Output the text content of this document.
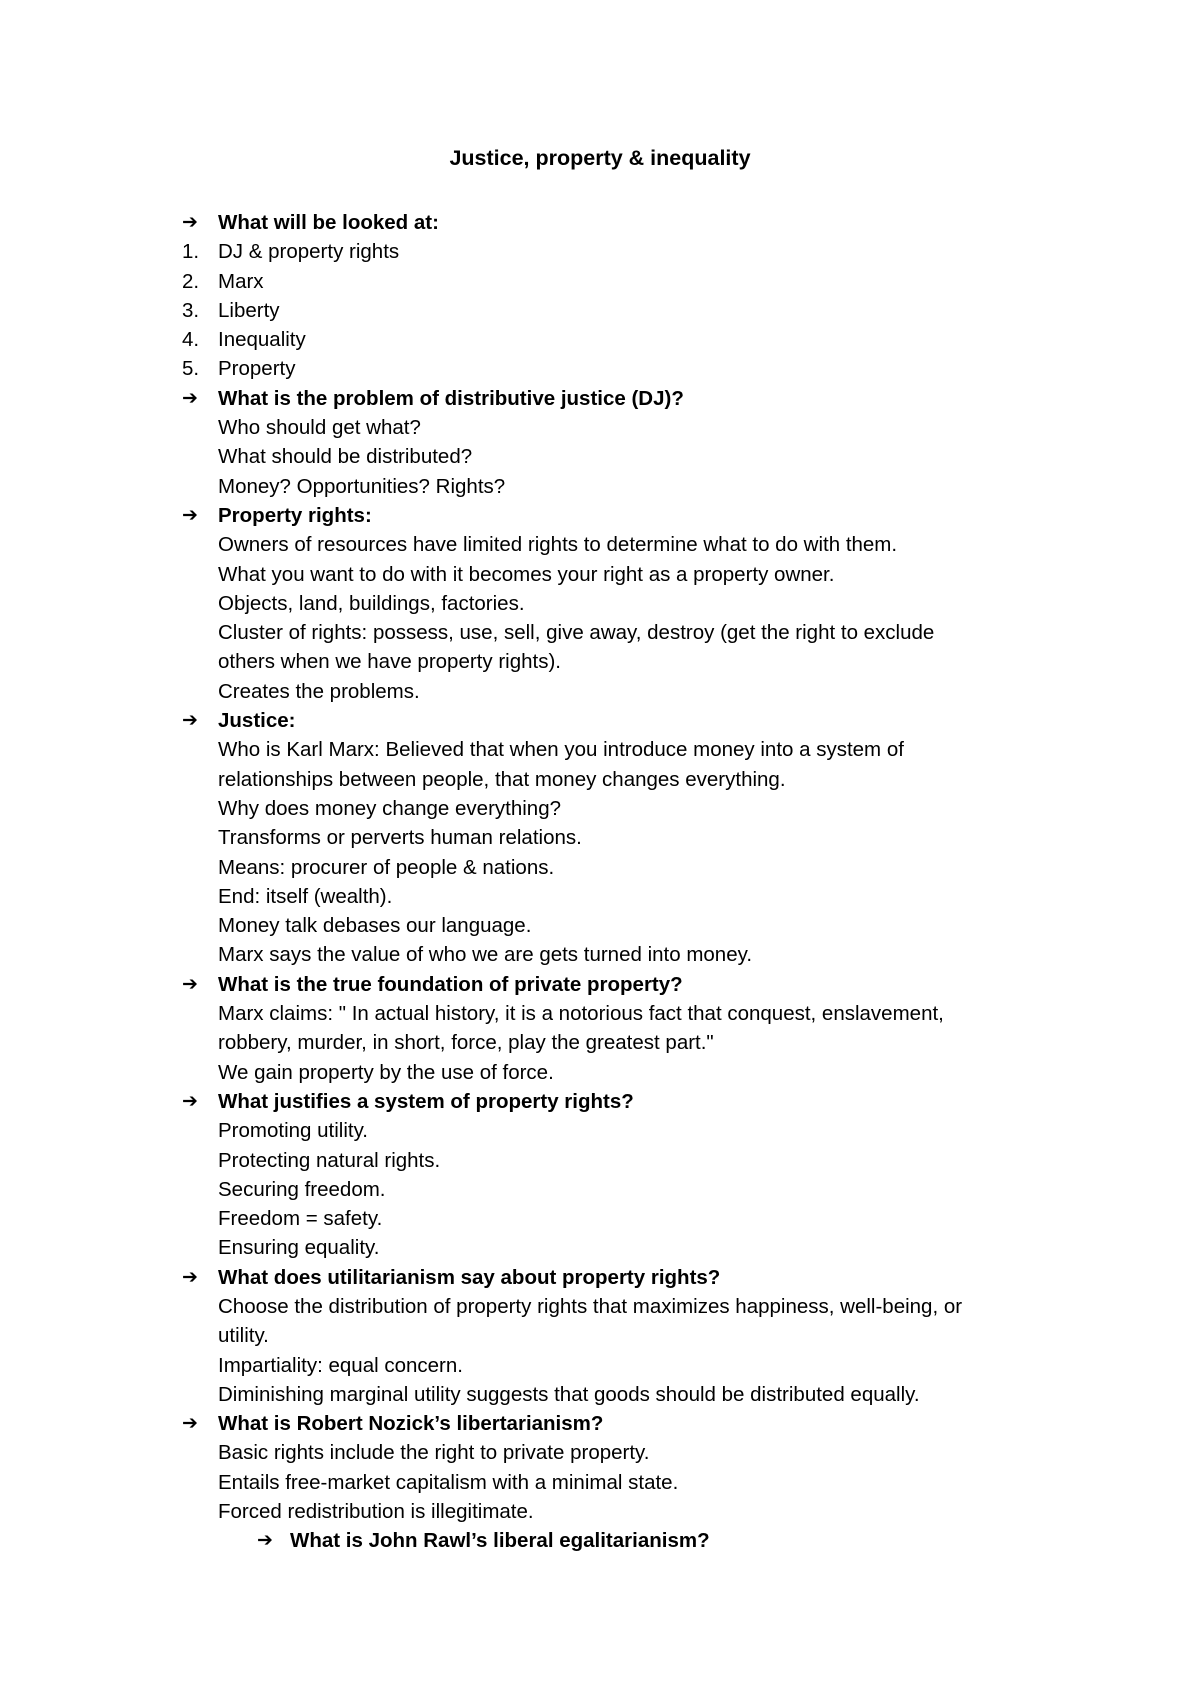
Justice, property & inequality
➔ What will be looked at:
1. DJ & property rights
2. Marx
3. Liberty
4. Inequality
5. Property
➔ What is the problem of distributive justice (DJ)?
Who should get what?
What should be distributed?
Money? Opportunities? Rights?
➔ Property rights:
Owners of resources have limited rights to determine what to do with them.
What you want to do with it becomes your right as a property owner.
Objects, land, buildings, factories.
Cluster of rights: possess, use, sell, give away, destroy (get the right to exclude
others when we have property rights).
Creates the problems.
➔ Justice:
Who is Karl Marx: Believed that when you introduce money into a system of
relationships between people, that money changes everything.
Why does money change everything?
Transforms or perverts human relations.
Means: procurer of people & nations.
End: itself (wealth).
Money talk debases our language.
Marx says the value of who we are gets turned into money.
➔ What is the true foundation of private property?
Marx claims: " In actual history, it is a notorious fact that conquest, enslavement,
robbery, murder, in short, force, play the greatest part."
We gain property by the use of force.
➔ What justifies a system of property rights?
Promoting utility.
Protecting natural rights.
Securing freedom.
Freedom = safety.
Ensuring equality.
➔ What does utilitarianism say about property rights?
Choose the distribution of property rights that maximizes happiness, well-being, or
utility.
Impartiality: equal concern.
Diminishing marginal utility suggests that goods should be distributed equally.
➔ What is Robert Nozick’s libertarianism?
Basic rights include the right to private property.
Entails free-market capitalism with a minimal state.
Forced redistribution is illegitimate.
➔ What is John Rawl’s liberal egalitarianism?
